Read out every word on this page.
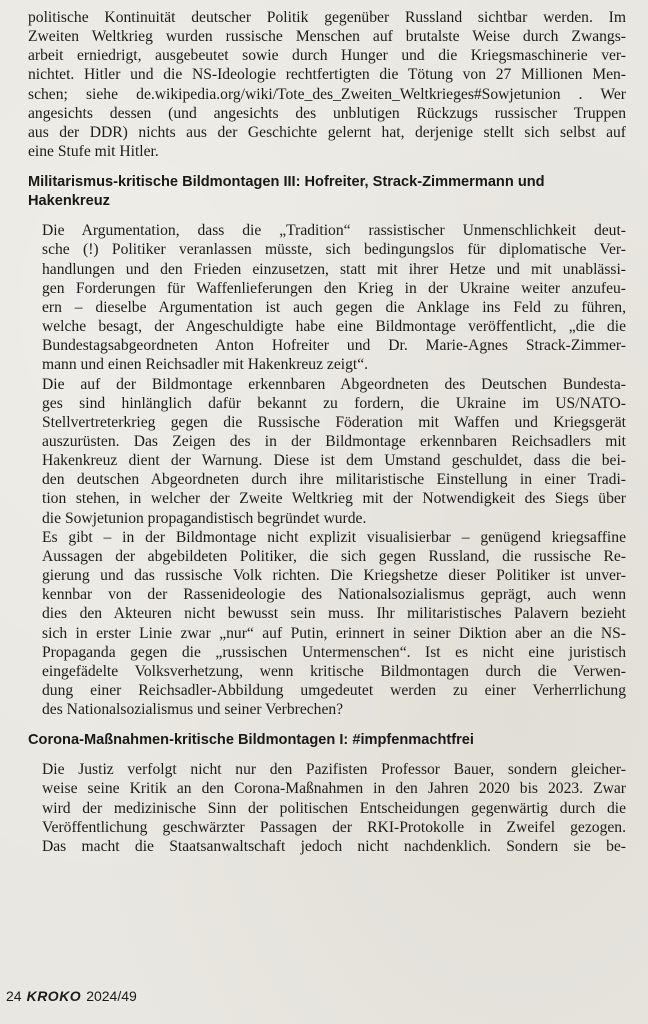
politische Kontinuität deutscher Politik gegenüber Russland sichtbar werden. Im
Zweiten Weltkrieg wurden russische Menschen auf brutalste Weise durch Zwangs-
arbeit erniedrigt, ausgebeutet sowie durch Hunger und die Kriegsmaschinerie ver-
nichtet. Hitler und die NS-Ideologie rechtfertigten die Tötung von 27 Millionen Men-
schen; siehe de.wikipedia.org/wiki/Tote_des_Zweiten_Weltkrieges#Sowjetunion . Wer
angesichts dessen (und angesichts des unblutigen Rückzugs russischer Truppen
aus der DDR) nichts aus der Geschichte gelernt hat, derjenige stellt sich selbst auf
eine Stufe mit Hitler.

Militarismus-kritische Bildmontagen III: Hofreiter, Strack-Zimmermann und
Hakenkreuz

Die Argumentation, dass die „Tradition“ rassistischer Unmenschlichkeit deut-
sche (!) Politiker veranlassen müsste, sich bedingungslos für diplomatische Ver-
handlungen und den Frieden einzusetzen, statt mit ihrer Hetze und mit unablässi-
gen Forderungen für Waffenlieferungen den Krieg in der Ukraine weiter anzufeu-
ern – dieselbe Argumentation ist auch gegen die Anklage ins Feld zu führen,
welche besagt, der Angeschuldigte habe eine Bildmontage veröffentlicht, „die die
Bundestagsabgeordneten Anton Hofreiter und Dr. Marie-Agnes Strack-Zimmer-
mann und einen Reichsadler mit Hakenkreuz zeigt“.

Die auf der Bildmontage erkennbaren Abgeordneten des Deutschen Bundesta-
ges sind hinlänglich dafür bekannt zu fordern, die Ukraine im US/NATO-
Stellvertreterkrieg gegen die Russische Föderation mit Waffen und Kriegsgerät
auszurüsten. Das Zeigen des in der Bildmontage erkennbaren Reichsadlers mit
Hakenkreuz dient der Warnung. Diese ist dem Umstand geschuldet, dass die bei-
den deutschen Abgeordneten durch ihre militaristische Einstellung in einer Tradi-
tion stehen, in welcher der Zweite Weltkrieg mit der Notwendigkeit des Siegs über
die Sowjetunion propagandistisch begründet wurde.

Es gibt – in der Bildmontage nicht explizit visualisierbar – genügend kriegsaffine
Aussagen der abgebildeten Politiker, die sich gegen Russland, die russische Re-
gierung und das russische Volk richten. Die Kriegshetze dieser Politiker ist unver-
kennbar von der Rassenideologie des Nationalsozialismus geprägt, auch wenn
dies den Akteuren nicht bewusst sein muss. Ihr militaristisches Palavern bezieht
sich in erster Linie zwar „nur“ auf Putin, erinnert in seiner Diktion aber an die NS-
Propaganda gegen die „russischen Untermenschen“. Ist es nicht eine juristisch
eingefädelte Volksverhetzung, wenn kritische Bildmontagen durch die Verwen-
dung einer Reichsadler-Abbildung umgedeutet werden zu einer Verherrlichung
des Nationalsozialismus und seiner Verbrechen?

Corona-Maßnahmen-kritische Bildmontagen I: #impfenmachtfrei

Die Justiz verfolgt nicht nur den Pazifisten Professor Bauer, sondern gleicher-
weise seine Kritik an den Corona-Maßnahmen in den Jahren 2020 bis 2023. Zwar
wird der medizinische Sinn der politischen Entscheidungen gegenwärtig durch die
Veröffentlichung geschwärzter Passagen der RKI-Protokolle in Zweifel gezogen.
Das macht die Staatsanwaltschaft jedoch nicht nachdenklich. Sondern sie be-

24 KROKO 2024/49
